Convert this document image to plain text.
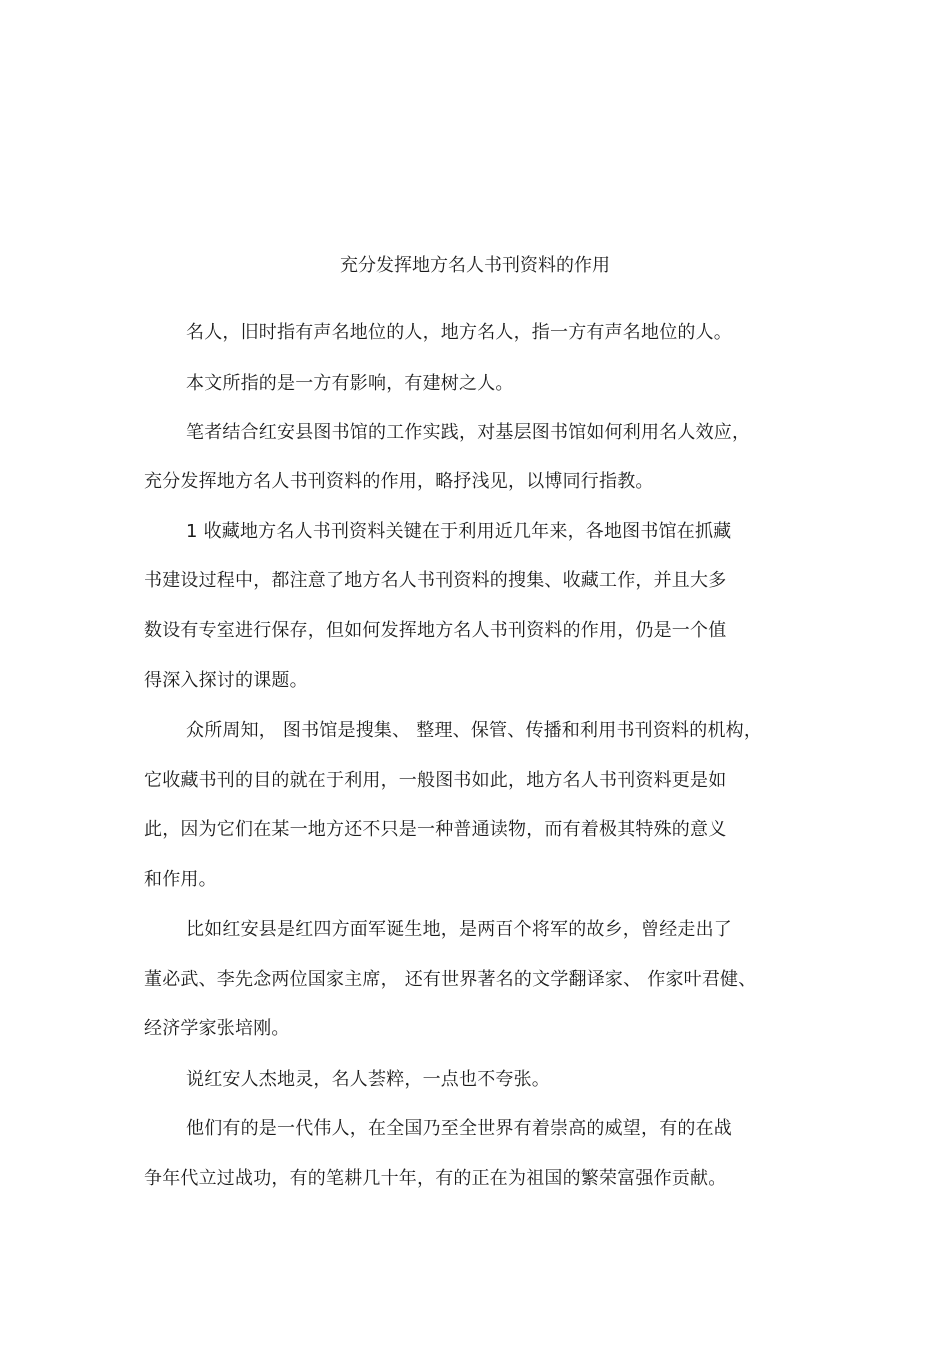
充分发挥地方名人书刊资料的作用
名人，旧时指有声名地位的人，地方名人，指一方有声名地位的人。
本文所指的是一方有影响，有建树之人。
笔者结合红安县图书馆的工作实践，对基层图书馆如何利用名人效应，
充分发挥地方名人书刊资料的作用，略抒浅见，以博同行指教。
1 收藏地方名人书刊资料关键在于利用近几年来，各地图书馆在抓藏
书建设过程中，都注意了地方名人书刊资料的搜集、收藏工作，并且大多
数设有专室进行保存，但如何发挥地方名人书刊资料的作用，仍是一个值
得深入探讨的课题。
众所周知， 图书馆是搜集、 整理、保管、传播和利用书刊资料的机构，
它收藏书刊的目的就在于利用，一般图书如此，地方名人书刊资料更是如
此，因为它们在某一地方还不只是一种普通读物，而有着极其特殊的意义
和作用。
比如红安县是红四方面军诞生地，是两百个将军的故乡，曾经走出了
董必武、李先念两位国家主席， 还有世界著名的文学翻译家、 作家叶君健、
经济学家张培刚。
说红安人杰地灵，名人荟粹，一点也不夸张。
他们有的是一代伟人，在全国乃至全世界有着崇高的威望，有的在战
争年代立过战功，有的笔耕几十年，有的正在为祖国的繁荣富强作贡献。
